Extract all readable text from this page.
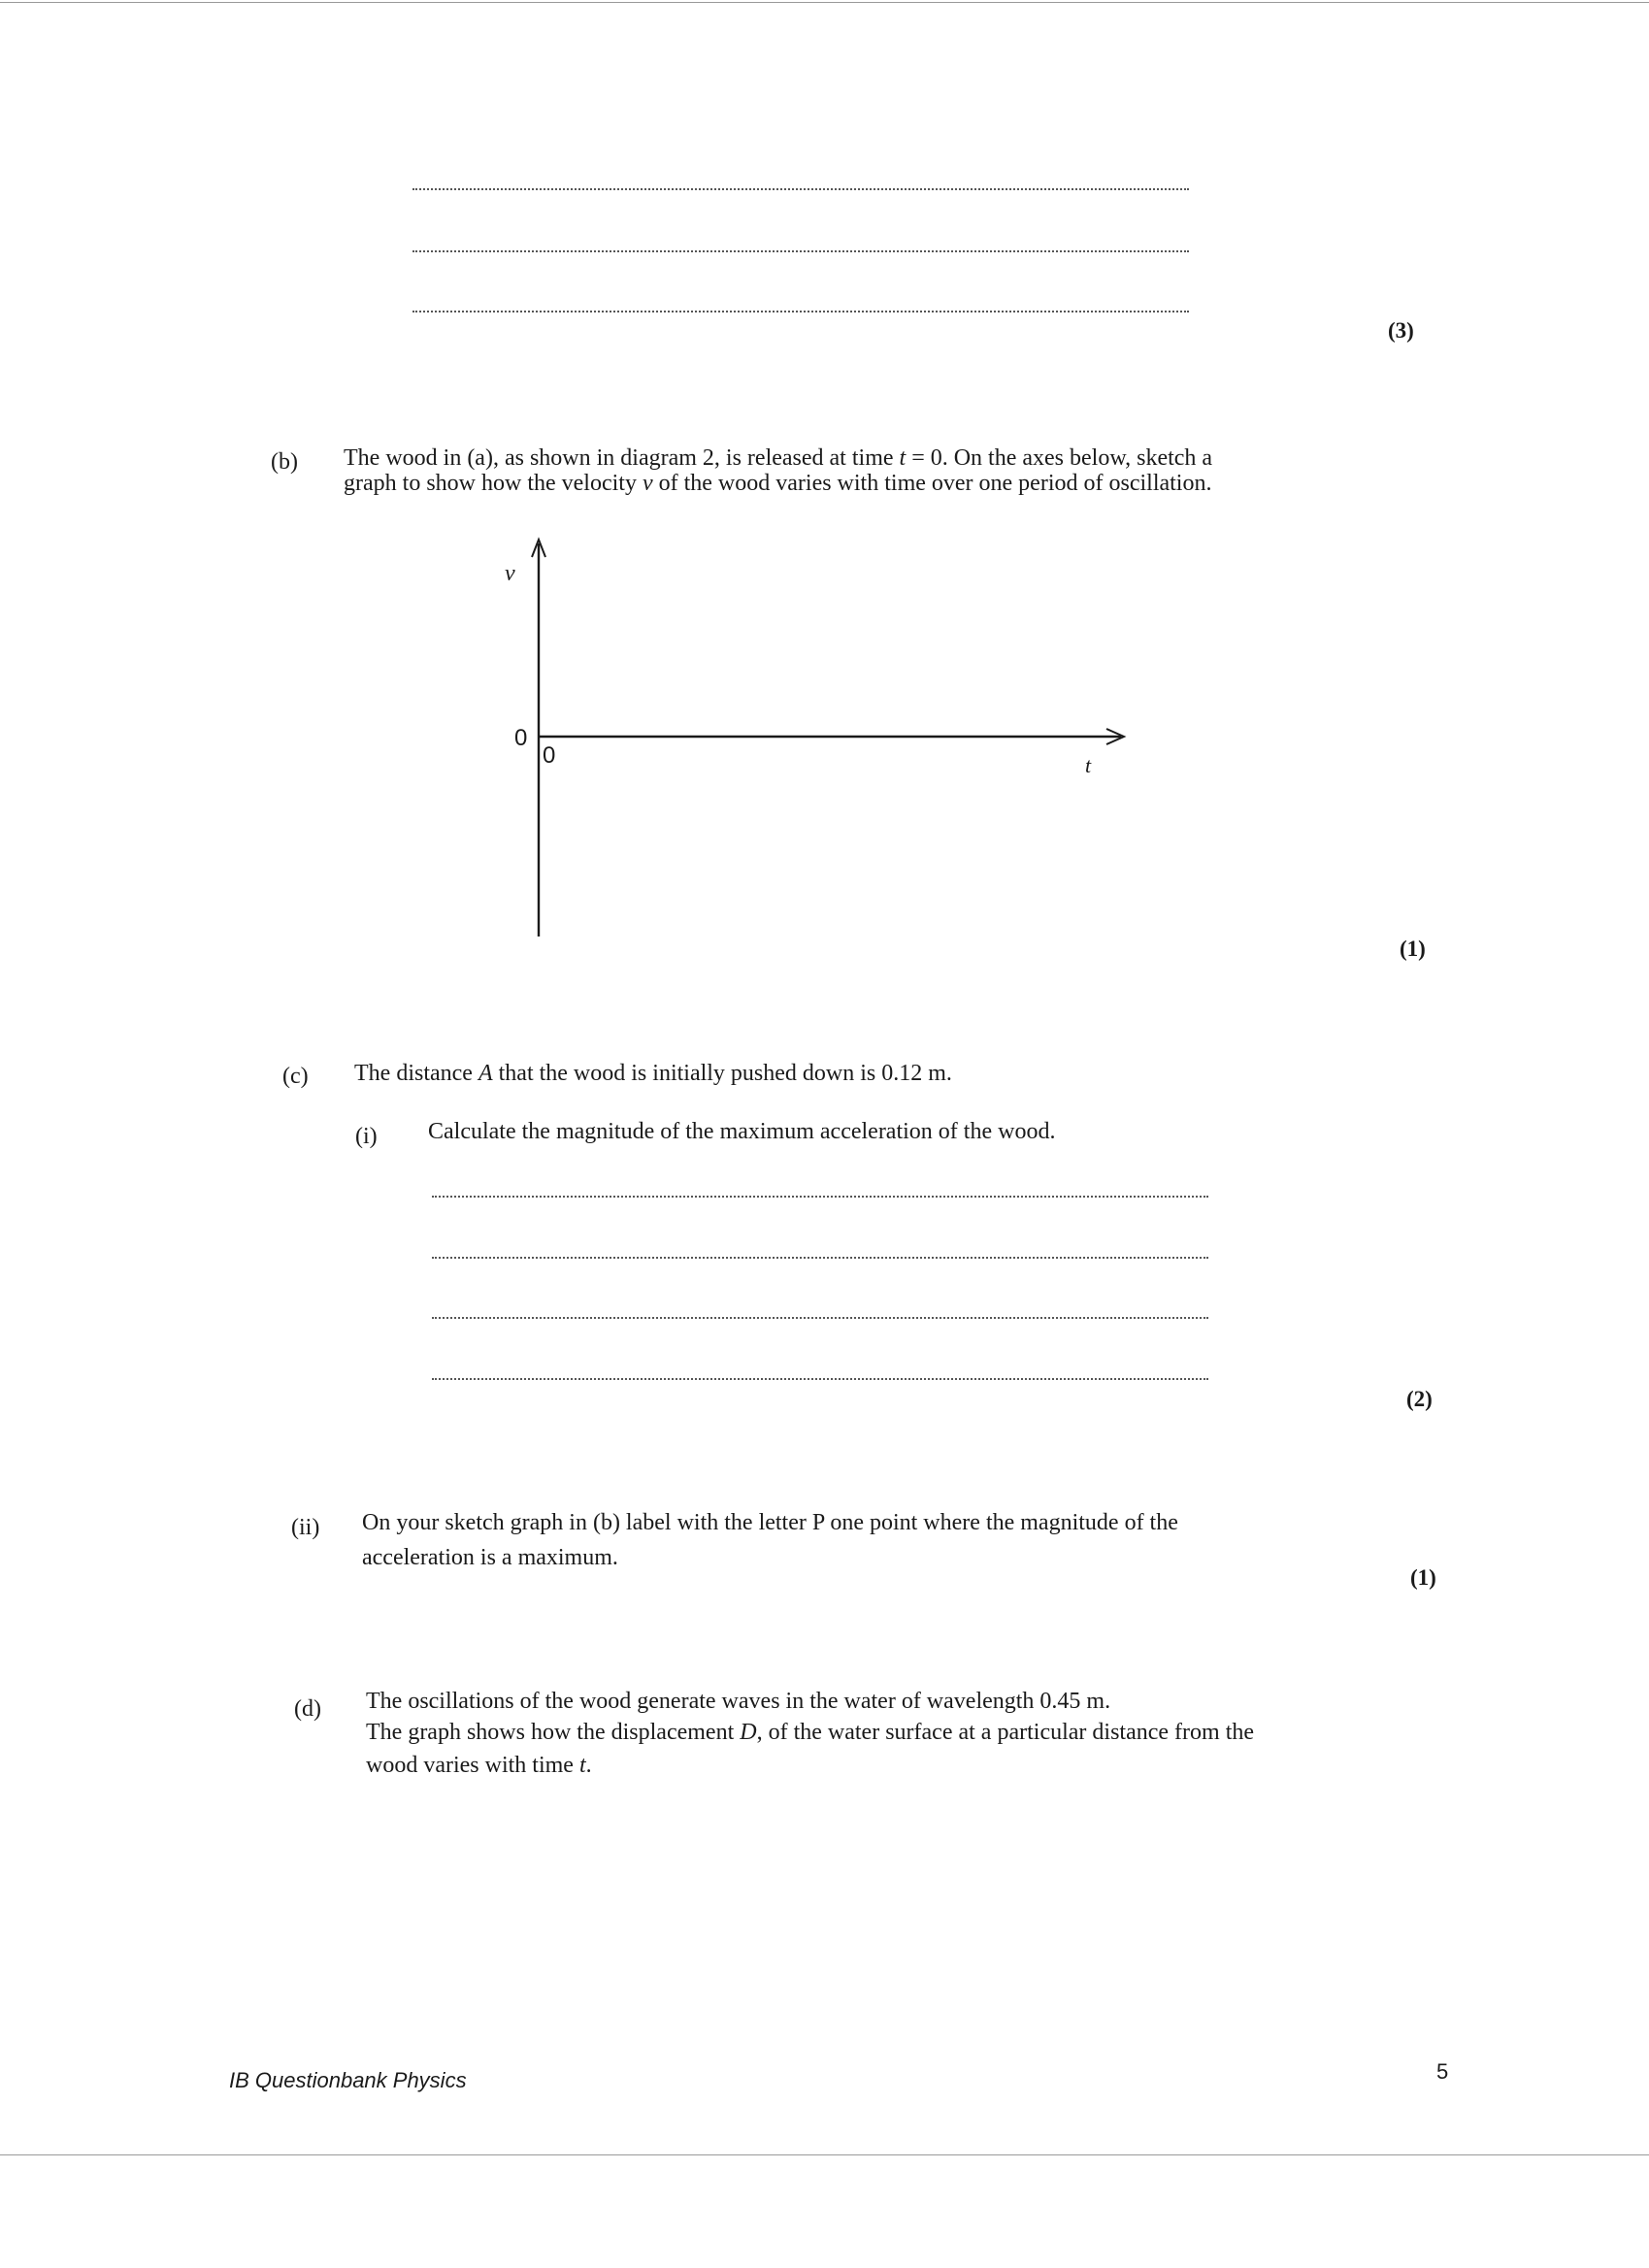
(3)
(b) The wood in (a), as shown in diagram 2, is released at time t = 0. On the axes below, sketch a
graph to show how the velocity v of the wood varies with time over one period of oscillation.
v
0
0	t
(1)
(c) The distance A that the wood is initially pushed down is 0.12 m.
(i) Calculate the magnitude of the maximum acceleration of the wood.
(2)
(ii) On your sketch graph in (b) label with the letter P one point where the magnitude of the
acceleration is a maximum.
(1)
(d) The oscillations of the wood generate waves in the water of wavelength 0.45 m.
The graph shows how the displacement D, of the water surface at a particular distance from the
wood varies with time t.
IB Questionbank Physics	5
